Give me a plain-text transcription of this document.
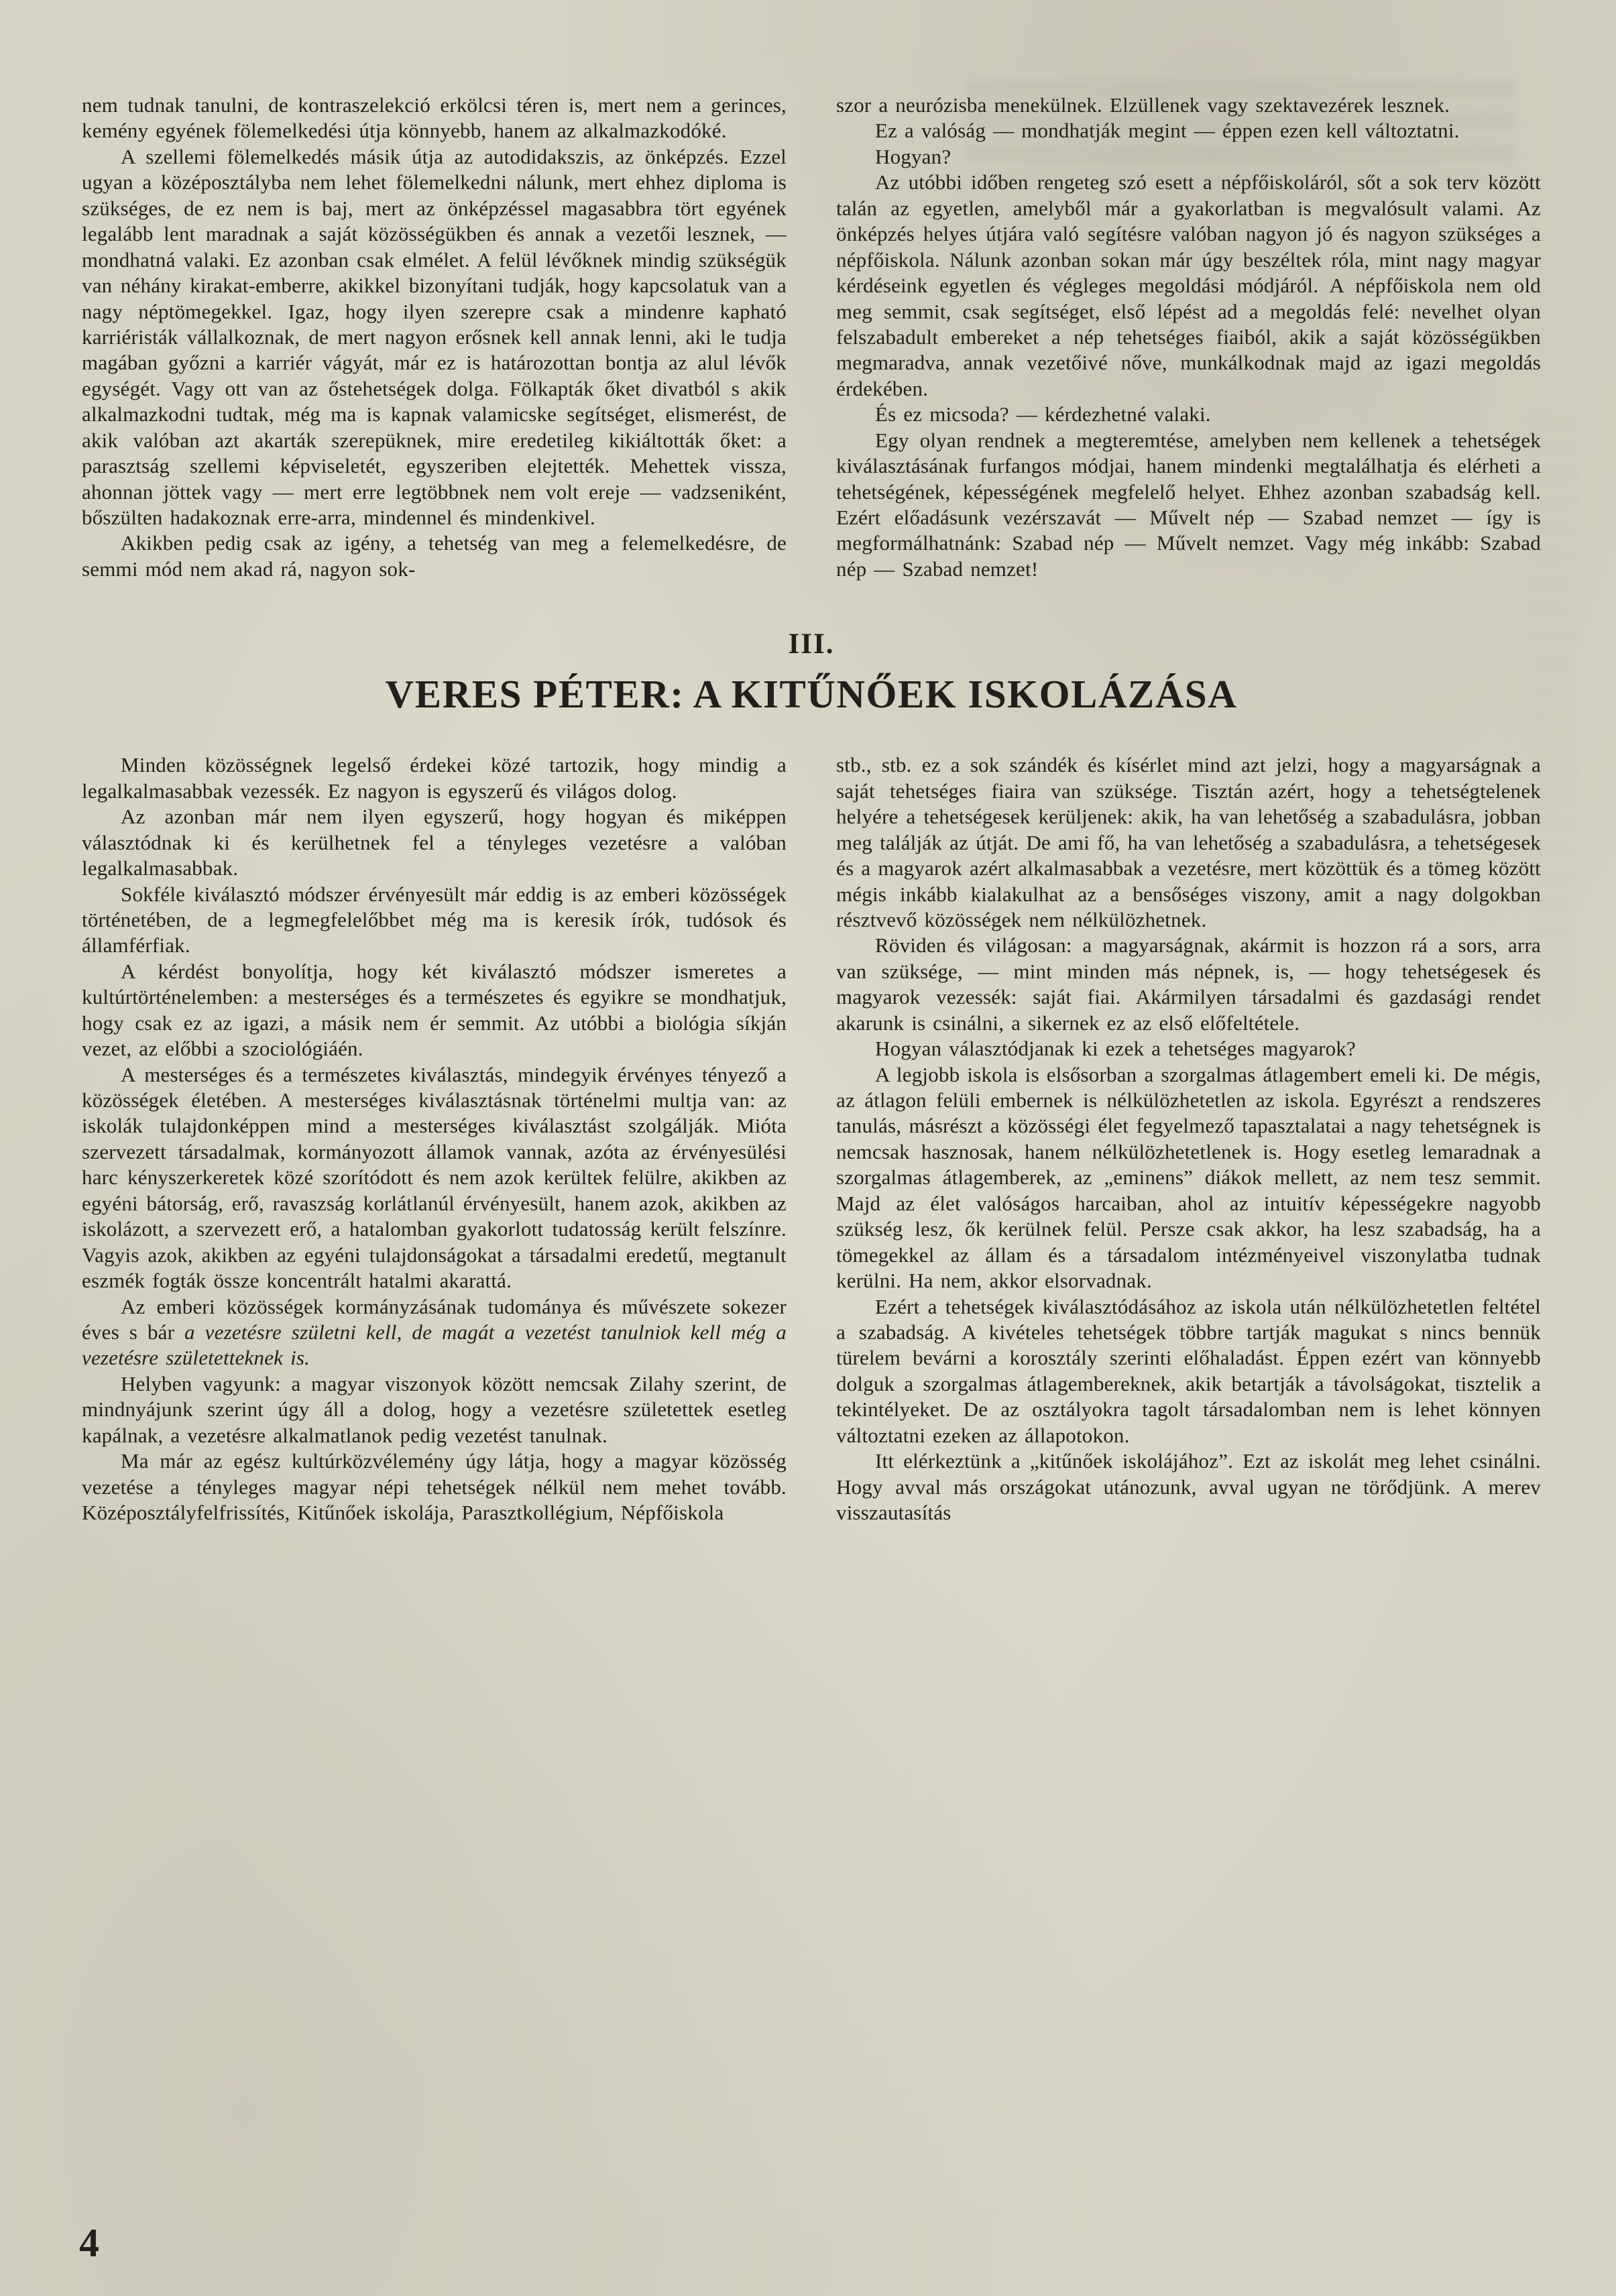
nem tudnak tanulni, de kontraszelekció erkölcsi téren is, mert nem a gerinces, kemény egyének fölemelkedési útja könnyebb, hanem az alkalmazkodóké.

A szellemi fölemelkedés másik útja az autodidakszis, az önképzés. Ezzel ugyan a középosztályba nem lehet fölemelkedni nálunk, mert ehhez diploma is szükséges, de ez nem is baj, mert az önképzéssel magasabbra tört egyének legalább lent maradnak a saját közösségükben és annak a vezetői lesznek, — mondhatná valaki. Ez azonban csak elmélet. A felül lévőknek mindig szükségük van néhány kirakat-emberre, akikkel bizonyítani tudják, hogy kapcsolatuk van a nagy néptömegekkel. Igaz, hogy ilyen szerepre csak a mindenre kapható karriéristák vállalkoznak, de mert nagyon erősnek kell annak lenni, aki le tudja magában győzni a karriér vágyát, már ez is határozottan bontja az alul lévők egységét. Vagy ott van az őstehetségek dolga. Fölkapták őket divatból s akik alkalmazkodni tudtak, még ma is kapnak valamicske segítséget, elismerést, de akik valóban azt akarták szerepüknek, mire eredetileg kikiáltották őket: a parasztság szellemi képviseletét, egyszeriben elejtették. Mehettek vissza, ahonnan jöttek vagy — mert erre legtöbbnek nem volt ereje — vadzseniként, bőszülten hadakoznak erre-arra, mindennel és mindenkivel.

Akikben pedig csak az igény, a tehetség van meg a felemelkedésre, de semmi mód nem akad rá, nagyon sok-

szor a neurózisba menekülnek. Elzüllenek vagy szektavezérek lesznek.

Ez a valóság — mondhatják megint — éppen ezen kell változtatni.

Hogyan?

Az utóbbi időben rengeteg szó esett a népfőiskoláról, sőt a sok terv között talán az egyetlen, amelyből már a gyakorlatban is megvalósult valami. Az önképzés helyes útjára való segítésre valóban nagyon jó és nagyon szükséges a népfőiskola. Nálunk azonban sokan már úgy beszéltek róla, mint nagy magyar kérdéseink egyetlen és végleges megoldási módjáról. A népfőiskola nem old meg semmit, csak segítséget, első lépést ad a megoldás felé: nevelhet olyan felszabadult embereket a nép tehetséges fiaiból, akik a saját közösségükben megmaradva, annak vezetőivé nőve, munkálkodnak majd az igazi megoldás érdekében.

És ez micsoda? — kérdezhetné valaki.

Egy olyan rendnek a megteremtése, amelyben nem kellenek a tehetségek kiválasztásának furfangos módjai, hanem mindenki megtalálhatja és elérheti a tehetségének, képességének megfelelő helyet. Ehhez azonban szabadság kell. Ezért előadásunk vezérszavát — Művelt nép — Szabad nemzet — így is megformálhatnánk: Szabad nép — Művelt nemzet. Vagy még inkább: Szabad nép — Szabad nemzet!

III.
VERES PÉTER: A KITŰNŐEK ISKOLÁZÁSA

Minden közösségnek legelső érdekei közé tartozik, hogy mindig a legalkalmasabbak vezessék. Ez nagyon is egyszerű és világos dolog.

Az azonban már nem ilyen egyszerű, hogy hogyan és miképpen választódnak ki és kerülhetnek fel a tényleges vezetésre a valóban legalkalmasabbak.

Sokféle kiválasztó módszer érvényesült már eddig is az emberi közösségek történetében, de a legmegfelelőbbet még ma is keresik írók, tudósok és államférfiak.

A kérdést bonyolítja, hogy két kiválasztó módszer ismeretes a kultúrtörténelemben: a mesterséges és a természetes és egyikre se mondhatjuk, hogy csak ez az igazi, a másik nem ér semmit. Az utóbbi a biológia síkján vezet, az előbbi a szociológiáén.

A mesterséges és a természetes kiválasztás, mindegyik érvényes tényező a közösségek életében. A mesterséges kiválasztásnak történelmi multja van: az iskolák tulajdonképpen mind a mesterséges kiválasztást szolgálják. Mióta szervezett társadalmak, kormányozott államok vannak, azóta az érvényesülési harc kényszerkeretek közé szorítódott és nem azok kerültek felülre, akikben az egyéni bátorság, erő, ravaszság korlátlanúl érvényesült, hanem azok, akikben az iskolázott, a szervezett erő, a hatalomban gyakorlott tudatosság került felszínre. Vagyis azok, akikben az egyéni tulajdonságokat a társadalmi eredetű, megtanult eszmék fogták össze koncentrált hatalmi akarattá.

Az emberi közösségek kormányzásának tudománya és művészete sokezer éves s bár a vezetésre születni kell, de magát a vezetést tanulniok kell még a vezetésre születetteknek is.

Helyben vagyunk: a magyar viszonyok között nemcsak Zilahy szerint, de mindnyájunk szerint úgy áll a dolog, hogy a vezetésre születettek esetleg kapálnak, a vezetésre alkalmatlanok pedig vezetést tanulnak.

Ma már az egész kultúrközvélemény úgy látja, hogy a magyar közösség vezetése a tényleges magyar népi tehetségek nélkül nem mehet tovább. Középosztályfelfrissítés, Kitűnőek iskolája, Parasztkollégium, Népfőiskola

stb., stb. ez a sok szándék és kísérlet mind azt jelzi, hogy a magyarságnak a saját tehetséges fiaira van szüksége. Tisztán azért, hogy a tehetségtelenek helyére a tehetségesek kerüljenek: akik, ha van lehetőség a szabadulásra, jobban meg találják az útját. De ami fő, ha van lehetőség a szabadulásra, a tehetségesek és a magyarok azért alkalmasabbak a vezetésre, mert közöttük és a tömeg között mégis inkább kialakulhat az a bensőséges viszony, amit a nagy dolgokban résztvevő közösségek nem nélkülözhetnek.

Röviden és világosan: a magyarságnak, akármit is hozzon rá a sors, arra van szüksége, — mint minden más népnek, is, — hogy tehetségesek és magyarok vezessék: saját fiai. Akármilyen társadalmi és gazdasági rendet akarunk is csinálni, a sikernek ez az első előfeltétele.

Hogyan választódjanak ki ezek a tehetséges magyarok?

A legjobb iskola is elsősorban a szorgalmas átlagembert emeli ki. De mégis, az átlagon felüli embernek is nélkülözhetetlen az iskola. Egyrészt a rendszeres tanulás, másrészt a közösségi élet fegyelmező tapasztalatai a nagy tehetségnek is nemcsak hasznosak, hanem nélkülözhetetlenek is. Hogy esetleg lemaradnak a szorgalmas átlagemberek, az „eminens” diákok mellett, az nem tesz semmit. Majd az élet valóságos harcaiban, ahol az intuitív képességekre nagyobb szükség lesz, ők kerülnek felül. Persze csak akkor, ha lesz szabadság, ha a tömegekkel az állam és a társadalom intézményeivel viszonylatba tudnak kerülni. Ha nem, akkor elsorvadnak.

Ezért a tehetségek kiválasztódásához az iskola után nélkülözhetetlen feltétel a szabadság. A kivételes tehetségek többre tartják magukat s nincs bennük türelem bevárni a korosztály szerinti előhaladást. Éppen ezért van könnyebb dolguk a szorgalmas átlagembereknek, akik betartják a távolságokat, tisztelik a tekintélyeket. De az osztályokra tagolt társadalomban nem is lehet könnyen változtatni ezeken az állapotokon.

Itt elérkeztünk a „kitűnőek iskolájához”. Ezt az iskolát meg lehet csinálni. Hogy avval más országokat utánozunk, avval ugyan ne törődjünk. A merev visszautasítás

4
